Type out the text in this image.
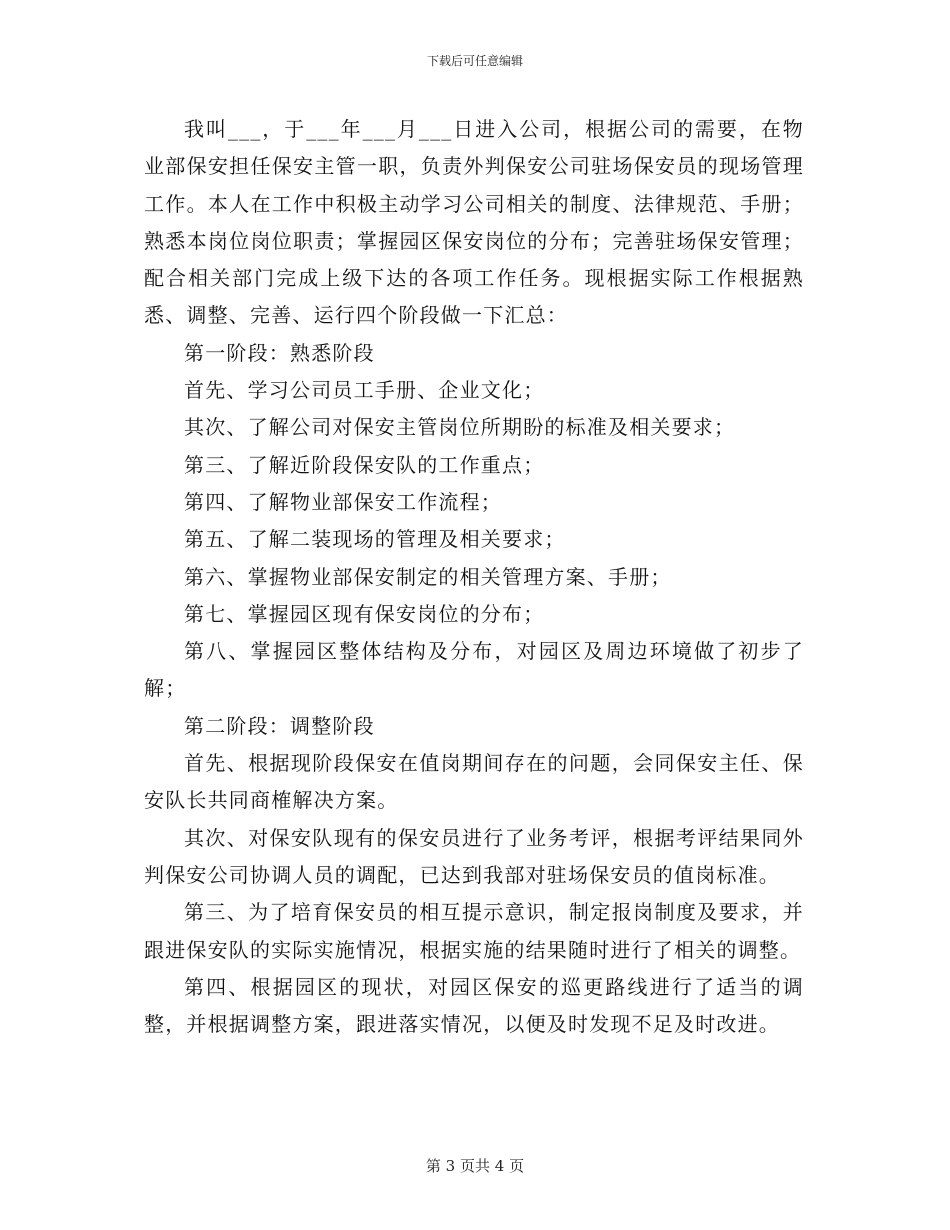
下载后可任意编辑

我叫___，于___年___月___日进入公司，根据公司的需要，在物业部保安担任保安主管一职，负责外判保安公司驻场保安员的现场管理工作。本人在工作中积极主动学习公司相关的制度、法律规范、手册；熟悉本岗位岗位职责；掌握园区保安岗位的分布；完善驻场保安管理；配合相关部门完成上级下达的各项工作任务。现根据实际工作根据熟悉、调整、完善、运行四个阶段做一下汇总：

第一阶段：熟悉阶段

首先、学习公司员工手册、企业文化；

其次、了解公司对保安主管岗位所期盼的标准及相关要求；

第三、了解近阶段保安队的工作重点；

第四、了解物业部保安工作流程；

第五、了解二装现场的管理及相关要求；

第六、掌握物业部保安制定的相关管理方案、手册；

第七、掌握园区现有保安岗位的分布；

第八、掌握园区整体结构及分布，对园区及周边环境做了初步了解；

第二阶段：调整阶段

首先、根据现阶段保安在值岗期间存在的问题，会同保安主任、保安队长共同商榷解决方案。

其次、对保安队现有的保安员进行了业务考评，根据考评结果同外判保安公司协调人员的调配，已达到我部对驻场保安员的值岗标准。

第三、为了培育保安员的相互提示意识，制定报岗制度及要求，并跟进保安队的实际实施情况，根据实施的结果随时进行了相关的调整。

第四、根据园区的现状，对园区保安的巡更路线进行了适当的调整，并根据调整方案，跟进落实情况，以便及时发现不足及时改进。

第 3 页共 4 页
